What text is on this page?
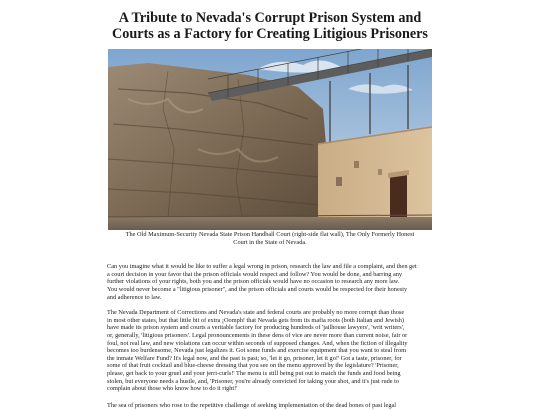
A Tribute to Nevada's Corrupt Prison System and
Courts as a Factory for Creating Litigious Prisoners
The Old Maximum-Security Nevada State Prison Handball Court (right-side flat wall), The Only Formerly Honest
Court in the State of Nevada.

Can you imagine what it would be like to suffer a legal wrong in prison, research the law and file a complaint, and then get
a court decision in your favor that the prison officials would respect and follow? You would be done, and barring any
further violations of your rights, both you and the prison officials would have no occasion to research any more law.
You would never become a "litigious prisoner", and the prison officials and courts would be respected for their honesty
and adherence to law.

The Nevada Department of Corrections and Nevada's state and federal courts are probably no more corrupt than those
in most other states, but that little bit of extra ¡Oomph! that Nevada gets from its mafia roots (both Italian and Jewish)
have made its prison system and courts a veritable factory for producing hundreds of 'jailhouse lawyers', 'writ writers',
or, generally, 'litigious prisoners'. Legal pronouncements in these dens of vice are never more than current noise, fair or
foul, not real law, and new violations can occur within seconds of supposed changes. And, when the fiction of illegality
becomes too burdensome, Nevada just legalizes it. Got some funds and exercise equipment that you want to steal from
the inmate Welfare Fund? It's legal now, and the past is past; so, 'let it go, prisoner, let it go!' Got a taste, prisoner, for
some of that fruit cocktail and blue-cheese dressing that you see on the menu approved by the legislature? 'Prisoner,
please, get back to your gruel and your jerri-curls!' The menu is still being put out to match the funds and food being
stolen, but everyone needs a hustle, and, 'Prisoner, you're already convicted for taking your shot, and it's just rude to
complain about those who know how to do it right!'

The sea of prisoners who rose to the repetitive challenge of seeking implementation of the dead bones of past legal
